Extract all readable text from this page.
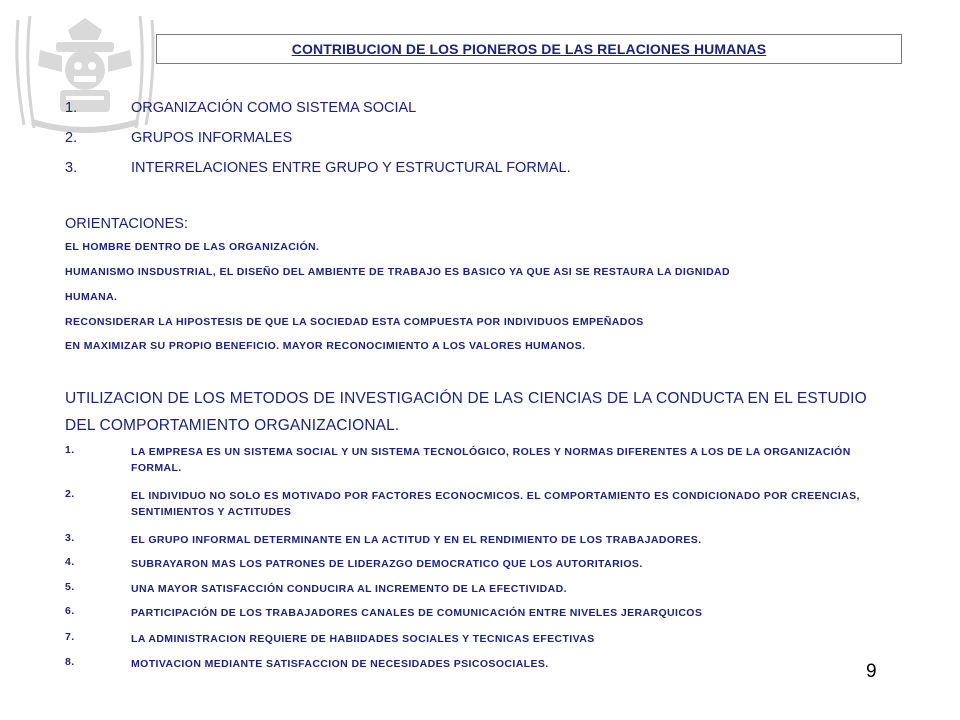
CONTRIBUCION DE LOS PIONEROS DE LAS RELACIONES HUMANAS
1.	ORGANIZACIÓN COMO SISTEMA SOCIAL
2.	GRUPOS INFORMALES
3.	INTERRELACIONES ENTRE GRUPO Y ESTRUCTURAL FORMAL.
ORIENTACIONES:
EL HOMBRE DENTRO DE LAS ORGANIZACIÓN.
HUMANISMO INSDUSTRIAL, EL DISEÑO DEL AMBIENTE DE TRABAJO ES BASICO YA QUE ASI SE RESTAURA LA DIGNIDAD
HUMANA.
RECONSIDERAR LA HIPOSTESIS DE QUE LA SOCIEDAD ESTA COMPUESTA POR INDIVIDUOS EMPEÑADOS
EN MAXIMIZAR SU PROPIO BENEFICIO. MAYOR RECONOCIMIENTO A LOS VALORES HUMANOS.
UTILIZACION DE LOS METODOS DE INVESTIGACIÓN DE LAS CIENCIAS DE LA CONDUCTA EN EL ESTUDIO DEL COMPORTAMIENTO ORGANIZACIONAL.
1.	LA EMPRESA ES UN SISTEMA SOCIAL Y UN SISTEMA TECNOLÓGICO, ROLES Y NORMAS DIFERENTES A LOS DE LA ORGANIZACIÓN FORMAL.
2.	EL INDIVIDUO NO SOLO ES MOTIVADO POR FACTORES ECONOCMICOS. EL COMPORTAMIENTO ES CONDICIONADO POR CREENCIAS, SENTIMIENTOS Y ACTITUDES
3.	EL GRUPO INFORMAL DETERMINANTE EN LA ACTITUD Y EN EL RENDIMIENTO DE LOS TRABAJADORES.
4.	SUBRAYARON MAS LOS PATRONES DE LIDERAZGO DEMOCRATICO QUE LOS AUTORITARIOS.
5.	UNA MAYOR SATISFACCIÓN CONDUCIRA AL INCREMENTO DE LA EFECTIVIDAD.
6.	PARTICIPACIÓN DE LOS TRABAJADORES CANALES DE COMUNICACIÓN ENTRE NIVELES JERARQUICOS
7.	LA ADMINISTRACION REQUIERE DE HABIIDADES SOCIALES Y TECNICAS EFECTIVAS
8.	MOTIVACION MEDIANTE SATISFACCION DE NECESIDADES PSICOSOCIALES.	9
